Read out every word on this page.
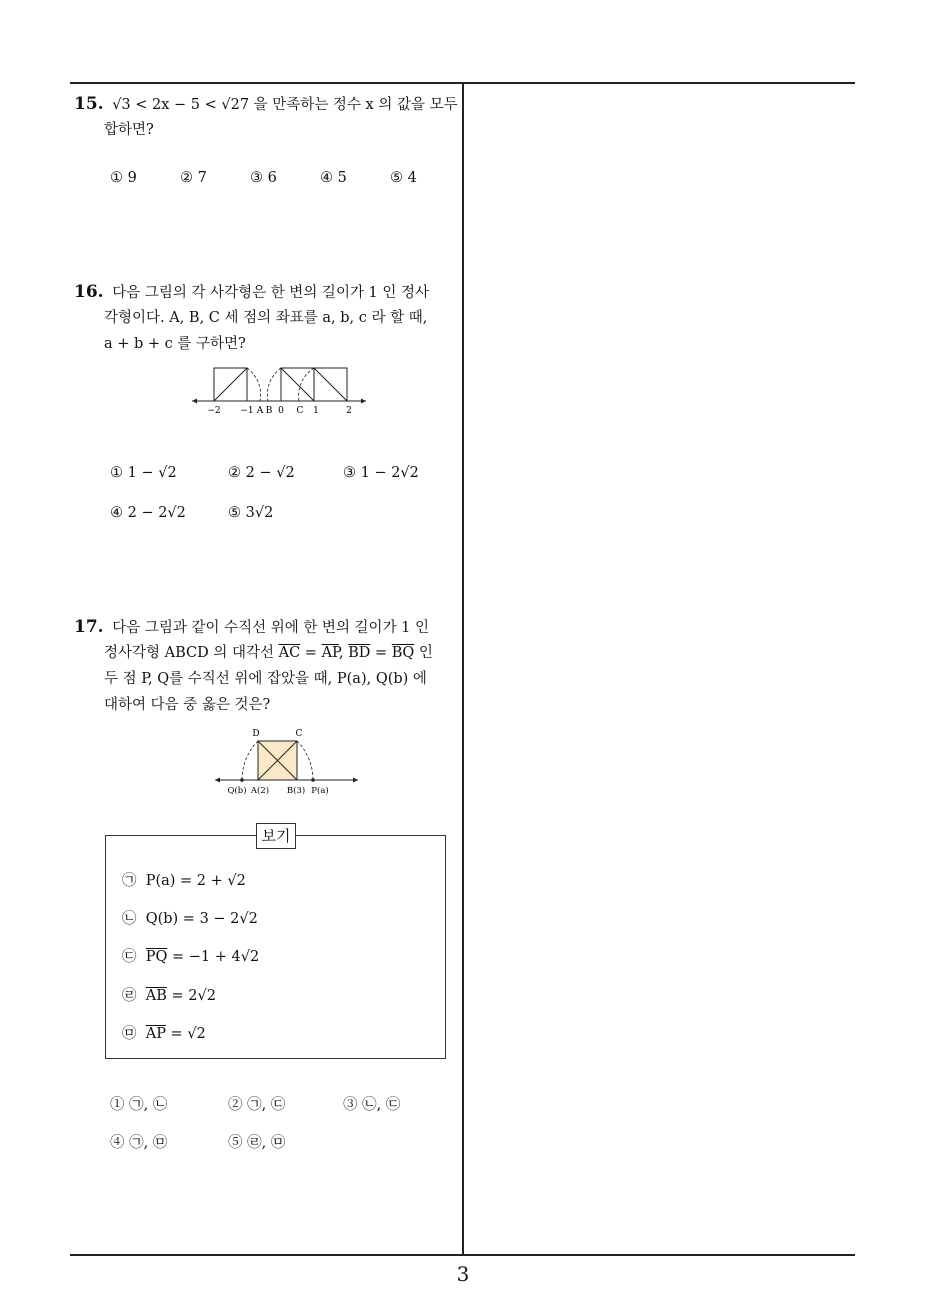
15. √3 < 2x − 5 < √27 을 만족하는 정수 x 의 값을 모두
합하면?
① 9	② 7	③ 6	④ 5	⑤ 4
16. 다음 그림의 각 사각형은 한 변의 길이가 1 인 정사
각형이다. A, B, C 세 점의 좌표를 a, b, c 라 할 때,
a + b + c 를 구하면?
−2 −1 A B 0 C 1	2
① 1 − √2	② 2 − √2	③ 1 − 2√2
④ 2 − 2√2	⑤ 3√2
17. 다음 그림과 같이 수직선 위에 한 변의 길이가 1 인
정사각형 ABCD 의 대각선 $\overline{AC} = \overline{AP}$, $\overline{BD} = \overline{BQ}$ 인
두 점 P, Q를 수직선 위에 잡았을 때, P(a), Q(b) 에
대하여 다음 중 옳은 것은?
D	C
Q(b) A(2) B(3) P(a)
보기
㉠ P(a) = 2 + √2
㉡ Q(b) = 3 − 2√2
㉢ $\overline{PQ} = -1 + 4√2$
㉣ $\overline{AB} = 2√2$
㉤ $\overline{AP} = √2$
① ㉠, ㉡	② ㉠, ㉢	③ ㉡, ㉢
④ ㉠, ㉤	⑤ ㉣, ㉤
3
